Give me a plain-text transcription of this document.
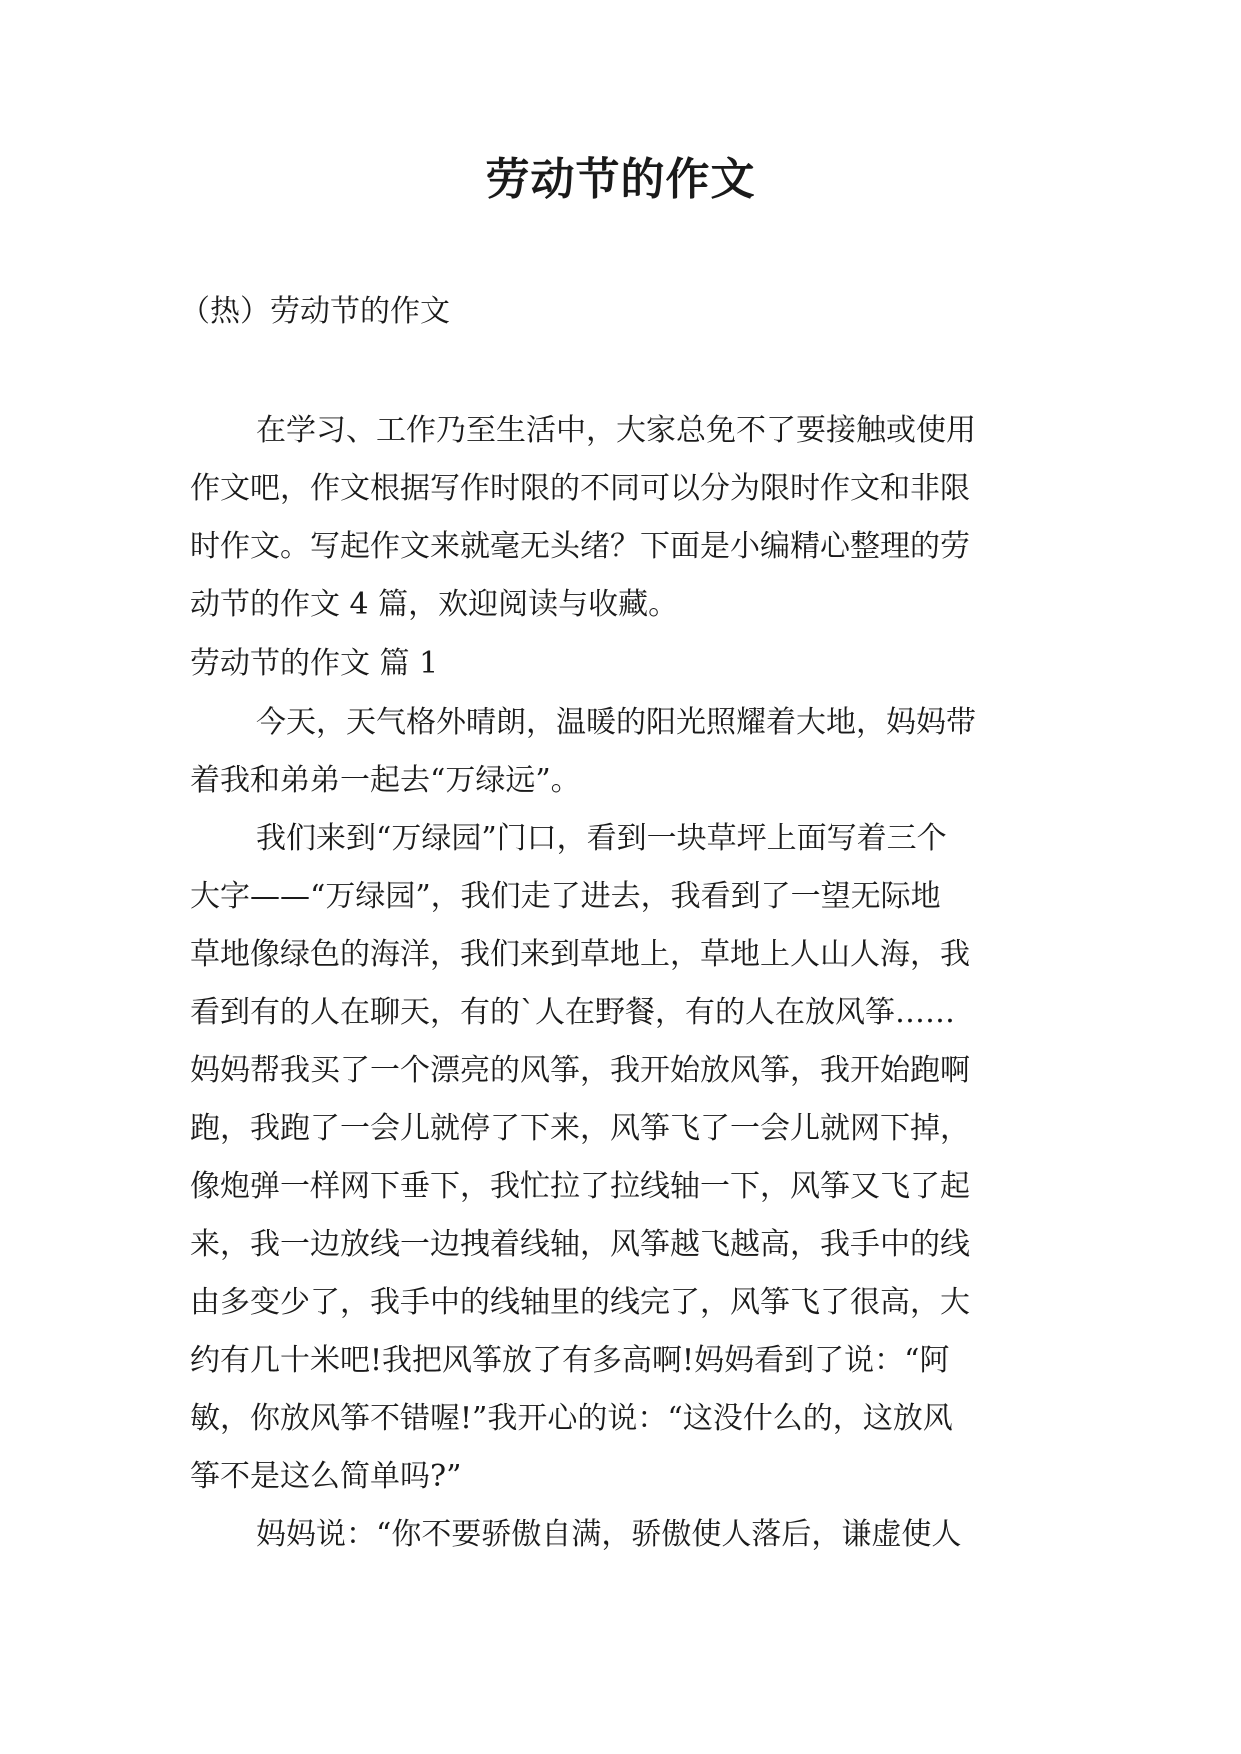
劳动节的作文
（热）劳动节的作文
在学习、工作乃至生活中，大家总免不了要接触或使用
作文吧，作文根据写作时限的不同可以分为限时作文和非限
时作文。写起作文来就毫无头绪？下面是小编精心整理的劳
动节的作文 4 篇，欢迎阅读与收藏。
劳动节的作文 篇 1
今天，天气格外晴朗，温暖的阳光照耀着大地，妈妈带
着我和弟弟一起去“万绿远”。
我们来到“万绿园”门口，看到一块草坪上面写着三个
大字——“万绿园”，我们走了进去，我看到了一望无际地
草地像绿色的海洋，我们来到草地上，草地上人山人海，我
看到有的人在聊天，有的`人在野餐，有的人在放风筝……
妈妈帮我买了一个漂亮的风筝，我开始放风筝，我开始跑啊
跑，我跑了一会儿就停了下来，风筝飞了一会儿就网下掉，
像炮弹一样网下垂下，我忙拉了拉线轴一下，风筝又飞了起
来，我一边放线一边拽着线轴，风筝越飞越高，我手中的线
由多变少了，我手中的线轴里的线完了，风筝飞了很高，大
约有几十米吧!我把风筝放了有多高啊!妈妈看到了说：“阿
敏，你放风筝不错喔!”我开心的说：“这没什么的，这放风
筝不是这么简单吗?”
妈妈说：“你不要骄傲自满，骄傲使人落后，谦虚使人
